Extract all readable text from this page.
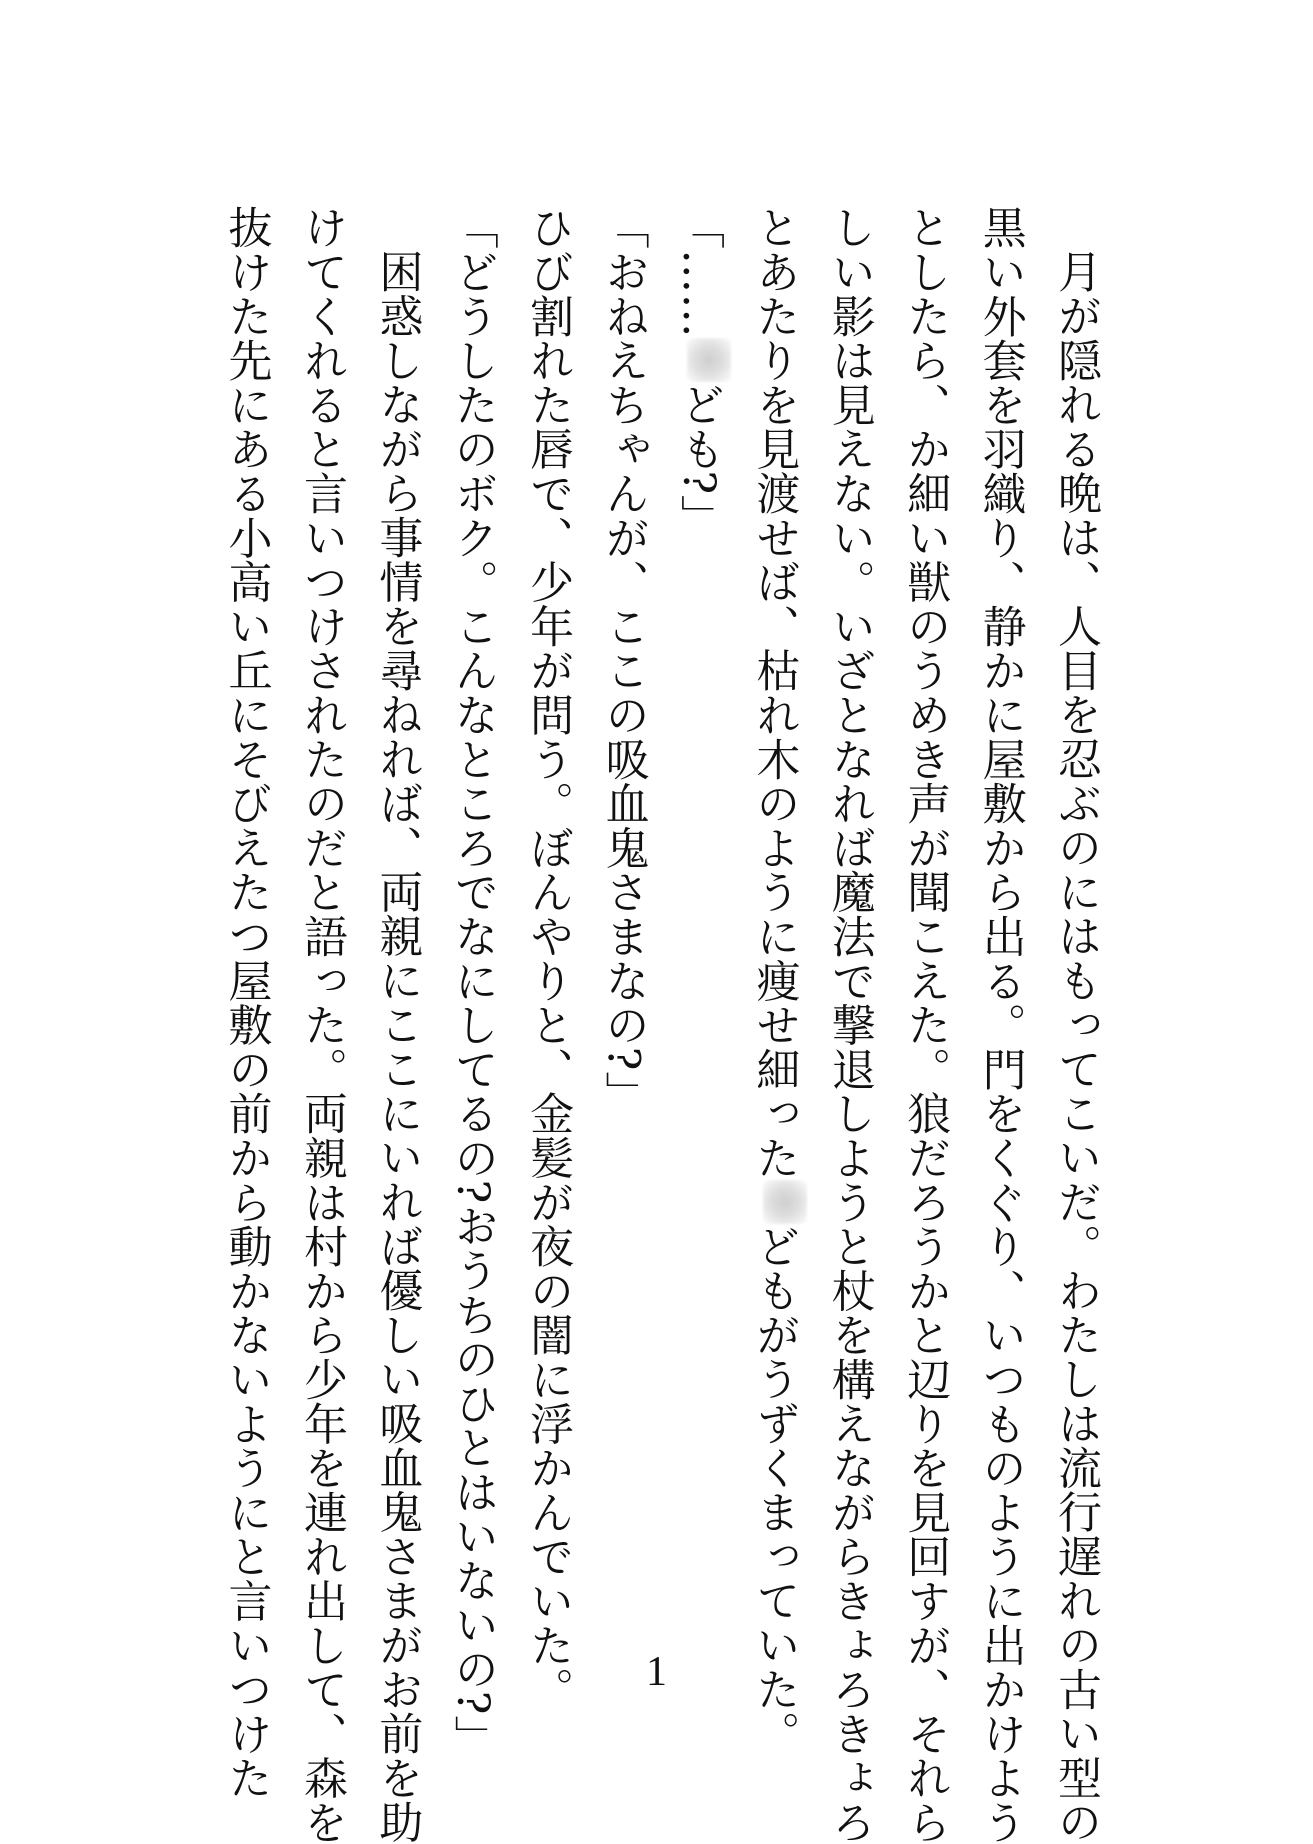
月が隠れる晩は、人目を忍ぶのにはもってこいだ。わたしは流行遅れの古い型の
黒い外套を羽織り、静かに屋敷から出る。門をくぐり、いつものように出かけよう
としたら、か細い獣のうめき声が聞こえた。狼だろうかと辺りを見回すが、それら
しい影は見えない。いざとなれば魔法で撃退しようと杖を構えながらきょろきょろ
とあたりを見渡せば、枯れ木のように痩せ細ったどもがうずくまっていた。
「……ども?」
「おねえちゃんが、ここの吸血鬼さまなの?」
ひび割れた唇で、少年が問う。ぼんやりと、金髪が夜の闇に浮かんでいた。
「どうしたのボク。こんなところでなにしてるの?おうちのひとはいないの?」
困惑しながら事情を尋ねれば、両親にここにいれば優しい吸血鬼さまがお前を助
けてくれると言いつけされたのだと語った。両親は村から少年を連れ出して、森を
抜けた先にある小高い丘にそびえたつ屋敷の前から動かないようにと言いつけた	1
